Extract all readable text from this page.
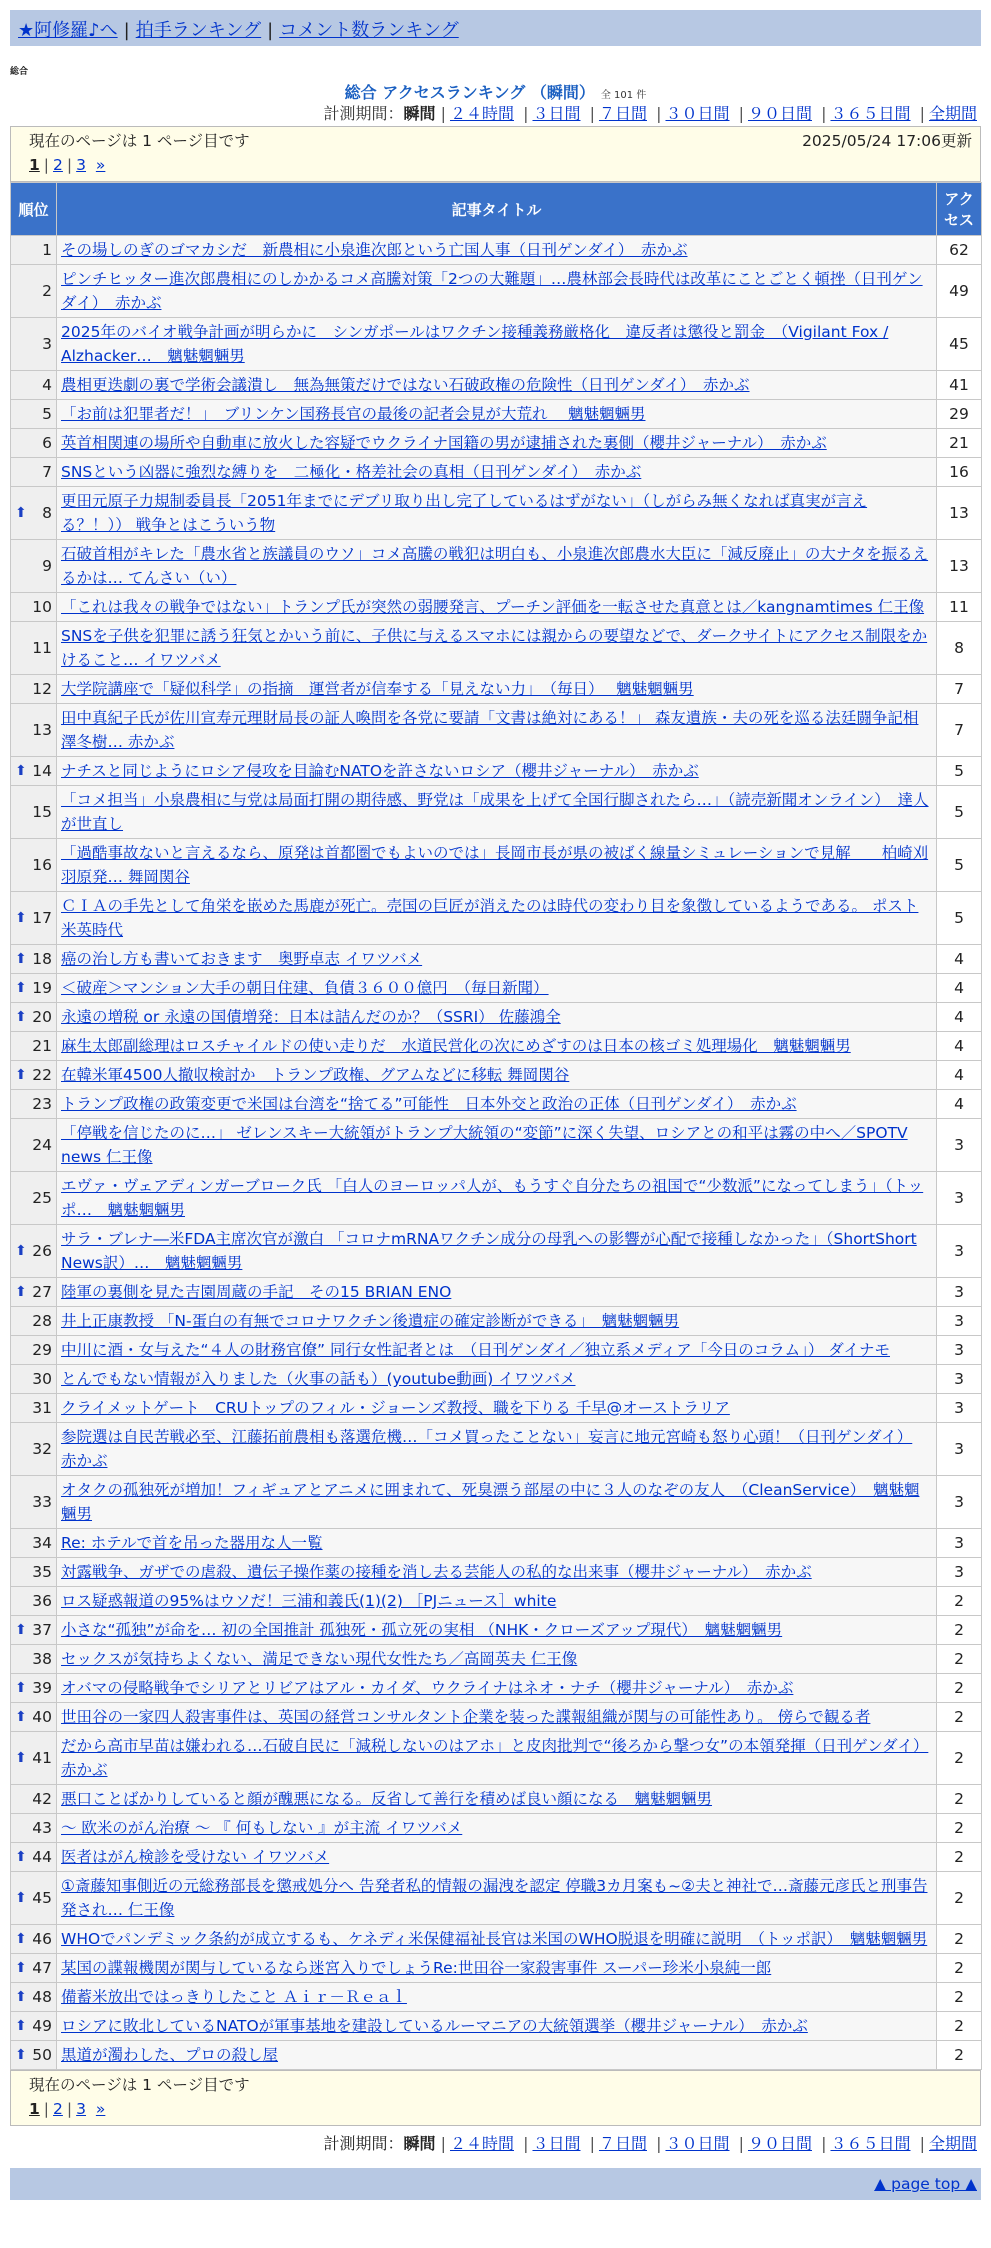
★阿修羅♪へ | 拍手ランキング | コメント数ランキング
総合
総合 アクセスランキング （瞬間） 全 101 件
計測期間：瞬間 | ２４時間 | ３日間 | ７日間 | ３０日間 | ９０日間 | ３６５日間 | 全期間
現在のページは 1 ページ目です	2025/05/24 17:06更新
1 | 2 | 3 »
順位	記事タイトル	アクセス
1	その場しのぎのゴマカシだ　新農相に小泉進次郎という亡国人事（日刊ゲンダイ）　赤かぶ	62
2	ピンチヒッター進次郎農相にのしかかるコメ高騰対策「2つの大難題」…農林部会長時代は改革にことごとく頓挫（日刊ゲンダイ）　赤かぶ	49
3	2025年のバイオ戦争計画が明らかに　シンガポールはワクチン接種義務厳格化　違反者は懲役と罰金　（Vigilant Fox / Alzhacker…　魑魅魍魎男	45
4	農相更迭劇の裏で学術会議潰し　無為無策だけではない石破政権の危険性（日刊ゲンダイ）　赤かぶ	41
5	「お前は犯罪者だ！」　ブリンケン国務長官の最後の記者会見が大荒れ　 魑魅魍魎男	29
6	英首相関連の場所や自動車に放火した容疑でウクライナ国籍の男が逮捕された裏側（櫻井ジャーナル）　赤かぶ	21
7	SNSという凶器に強烈な縛りを　二極化・格差社会の真相（日刊ゲンダイ）　赤かぶ	16

⬆ 8	更田元原子力規制委員長「2051年までにデブリ取り出し完了しているはずがない」（しがらみ無くなれば真実が言える？！）） 戦争とはこういう物	13
9	石破首相がキレた「農水省と族議員のウソ」コメ高騰の戦犯は明白も、小泉進次郎農水大臣に「減反廃止」の大ナタを振るえるかは… てんさい（い）	13
10	「これは我々の戦争ではない」トランプ氏が突然の弱腰発言、プーチン評価を一転させた真意とは／kangnamtimes 仁王像	11
11	SNSを子供を犯罪に誘う狂気とかいう前に、子供に与えるスマホには親からの要望などで、ダークサイトにアクセス制限をかけること… イワツバメ	8
12	大学院講座で「疑似科学」の指摘　運営者が信奉する「見えない力」　（毎日）　 魑魅魍魎男	7
13	田中真紀子氏が佐川宣寿元理財局長の証人喚問を各党に要請「文書は絶対にある！」 森友遺族・夫の死を巡る法廷闘争記相澤冬樹… 赤かぶ	7

⬆ 14	ナチスと同じようにロシア侵攻を目論むNATOを許さないロシア（櫻井ジャーナル）　赤かぶ	5
15	「コメ担当」小泉農相に与党は局面打開の期待感、野党は「成果を上げて全国行脚されたら…」（読売新聞オンライン）　達人が世直し	5
16	「過酷事故ないと言えるなら、原発は首都圏でもよいのでは」長岡市長が県の被ばく線量シミュレーションで見解　　柏崎刈羽原発… 舞岡関谷	5

⬆ 17	ＣＩＡの手先として角栄を嵌めた馬鹿が死亡。売国の巨匠が消えたのは時代の変わり目を象徴しているようである。 ポスト米英時代	5

⬆ 18	癌の治し方も書いておきます　奥野卓志 イワツバメ	4

⬆ 19	＜破産＞マンション大手の朝日住建、負債３６００億円　（毎日新聞）	4

⬆ 20	永遠の増税 or 永遠の国債増発：日本は詰んだのか？（SSRI） 佐藤鴻全	4
21	麻生太郎副総理はロスチャイルドの使い走りだ　水道民営化の次にめざすのは日本の核ゴミ処理場化　魑魅魍魎男	4

⬆ 22	在韓米軍4500人撤収検討か　トランプ政権、グアムなどに移転 舞岡関谷	4
23	トランプ政権の政策変更で米国は台湾を“捨てる”可能性　日本外交と政治の正体（日刊ゲンダイ）　赤かぶ	4
24	「停戦を信じたのに…」 ゼレンスキー大統領がトランプ大統領の“変節”に深く失望、ロシアとの和平は霧の中へ／SPOTV news 仁王像	3
25	エヴァ・ヴェアディンガーブローク氏 「白人のヨーロッパ人が、もうすぐ自分たちの祖国で“少数派”になってしまう」（トッポ…　魑魅魍魎男	3

⬆ 26	サラ・ブレナ―米FDA主席次官が激白 「コロナmRNAワクチン成分の母乳への影響が心配で接種しなかった」（ShortShort News訳）…　魑魅魍魎男	3

⬆ 27	陸軍の裏側を見た吉園周蔵の手記　その15 BRIAN ENO	3
28	井上正康教授 「N-蛋白の有無でコロナワクチン後遺症の確定診断ができる」　魑魅魍魎男	3
29	中川に酒・女与えた“４人の財務官僚” 同行女性記者とは　（日刊ゲンダイ／独立系メディア「今日のコラム」） ダイナモ	3
30	とんでもない情報が入りました（火事の話も）(youtube動画) イワツバメ	3
31	クライメットゲート　CRUトップのフィル・ジョーンズ教授、職を下りる 千早@オーストラリア	3
32	参院選は自民苦戦必至、江藤拓前農相も落選危機…「コメ買ったことない」妄言に地元宮崎も怒り心頭！（日刊ゲンダイ） 赤かぶ	3
33	オタクの孤独死が増加！フィギュアとアニメに囲まれて、死臭漂う部屋の中に３人のなぞの友人　（CleanService）　魑魅魍魎男	3
34	Re: ホテルで首を吊った器用な人一覧	3
35	対露戦争、ガザでの虐殺、遺伝子操作薬の接種を消し去る芸能人の私的な出来事（櫻井ジャーナル）　赤かぶ	3
36	ロス疑惑報道の95%はウソだ！三浦和義氏(1)(2) ［PJニュース］white	2

⬆ 37	小さな“孤独”が命を… 初の全国推計 孤独死・孤立死の実相 （NHK・クローズアップ現代）　魑魅魍魎男	2
38	セックスが気持ちよくない、満足できない現代女性たち／高岡英夫 仁王像	2

⬆ 39	オバマの侵略戦争でシリアとリビアはアル・カイダ、ウクライナはネオ・ナチ（櫻井ジャーナル）　赤かぶ	2

⬆ 40	世田谷の一家四人殺害事件は、英国の経営コンサルタント企業を装った諜報組織が関与の可能性あり。 傍らで観る者	2

⬆ 41	だから高市早苗は嫌われる…石破自民に「減税しないのはアホ」と皮肉批判で“後ろから撃つ女”の本領発揮（日刊ゲンダイ） 赤かぶ	2
42	悪口ことばかりしていると顔が醜悪になる。反省して善行を積めば良い顔になる　魑魅魍魎男	2
43	～ 欧米のがん治療 ～ 『 何もしない 』が主流 イワツバメ	2

⬆ 44	医者はがん検診を受けない イワツバメ	2

⬆ 45	①斎藤知事側近の元総務部長を懲戒処分へ 告発者私的情報の漏洩を認定 停職3カ月案も~②夫と神社で…斎藤元彦氏と刑事告発され… 仁王像	2

⬆ 46	WHOでパンデミック条約が成立するも、ケネディ米保健福祉長官は米国のWHO脱退を明確に説明　（トッポ訳）　魑魅魍魎男	2

⬆ 47	某国の諜報機関が関与しているなら迷宮入りでしょうRe:世田谷一家殺害事件 スーパー珍米小泉純一郎	2

⬆ 48	備蓄米放出ではっきりしたこと Ａｉｒ－Ｒｅａｌ	2

⬆ 49	ロシアに敗北しているNATOが軍事基地を建設しているルーマニアの大統領選挙（櫻井ジャーナル）　赤かぶ	2

⬆ 50	黒道が濁わした、プロの殺し屋	2
現在のページは 1 ページ目です
1 | 2 | 3 »
計測期間：瞬間 | ２４時間 | ３日間 | ７日間 | ３０日間 | ９０日間 | ３６５日間 | 全期間
▲ page top ▲
